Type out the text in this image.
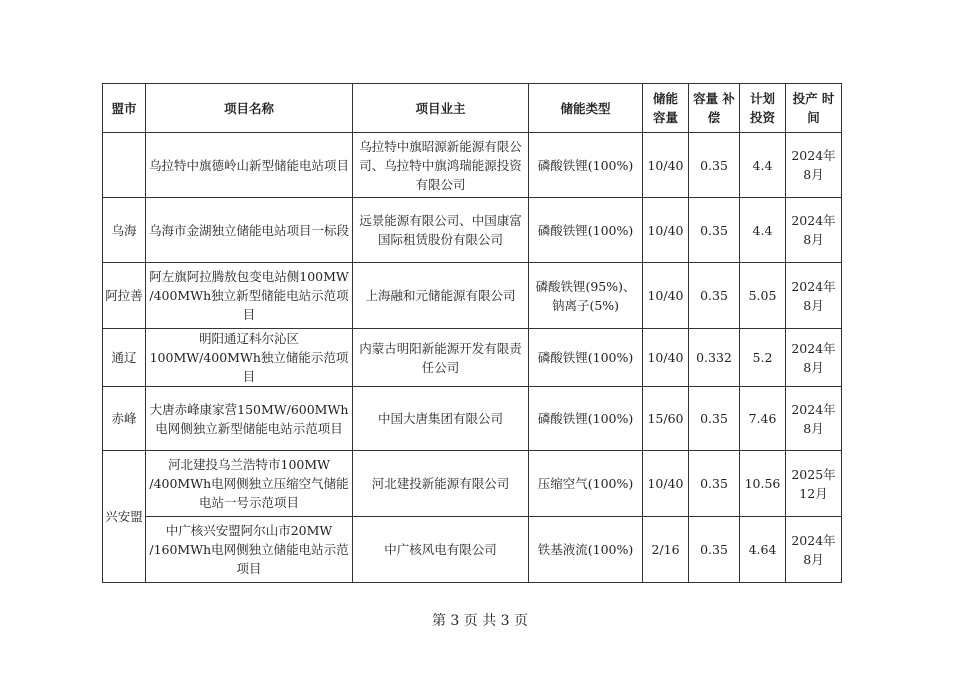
盟市	项目名称	项目业主	储能类型	储能 容量	容量 补偿	计划 投资	投产 时间
	乌拉特中旗德岭山新型储能电站项目	乌拉特中旗昭源新能源有限公司、乌拉特中旗鸿瑞能源投资有限公司	磷酸铁锂(100%)	10/40	0.35	4.4	2024年8月
乌海	乌海市金湖独立储能电站项目一标段	远景能源有限公司、中国康富国际租赁股份有限公司	磷酸铁锂(100%)	10/40	0.35	4.4	2024年8月
阿拉善	阿左旗阿拉腾敖包变电站侧100MW /400MWh独立新型储能电站示范项目	上海融和元储能源有限公司	磷酸铁锂(95%)、钠离子(5%)	10/40	0.35	5.05	2024年8月
通辽	明阳通辽科尔沁区100MW/400MWh独立储能示范项目	内蒙古明阳新能源开发有限责任公司	磷酸铁锂(100%)	10/40	0.332	5.2	2024年8月
赤峰	大唐赤峰康家营150MW/600MWh电网侧独立新型储能电站示范项目	中国大唐集团有限公司	磷酸铁锂(100%)	15/60	0.35	7.46	2024年8月
兴安盟	河北建投乌兰浩特市100MW /400MWh电网侧独立压缩空气储能电站一号示范项目	河北建投新能源有限公司	压缩空气(100%)	10/40	0.35	10.56	2025年12月
	中广核兴安盟阿尔山市20MW /160MWh电网侧独立储能电站示范项目	中广核风电有限公司	铁基液流(100%)	2/16	0.35	4.64	2024年8月
第 3 页 共 3 页
